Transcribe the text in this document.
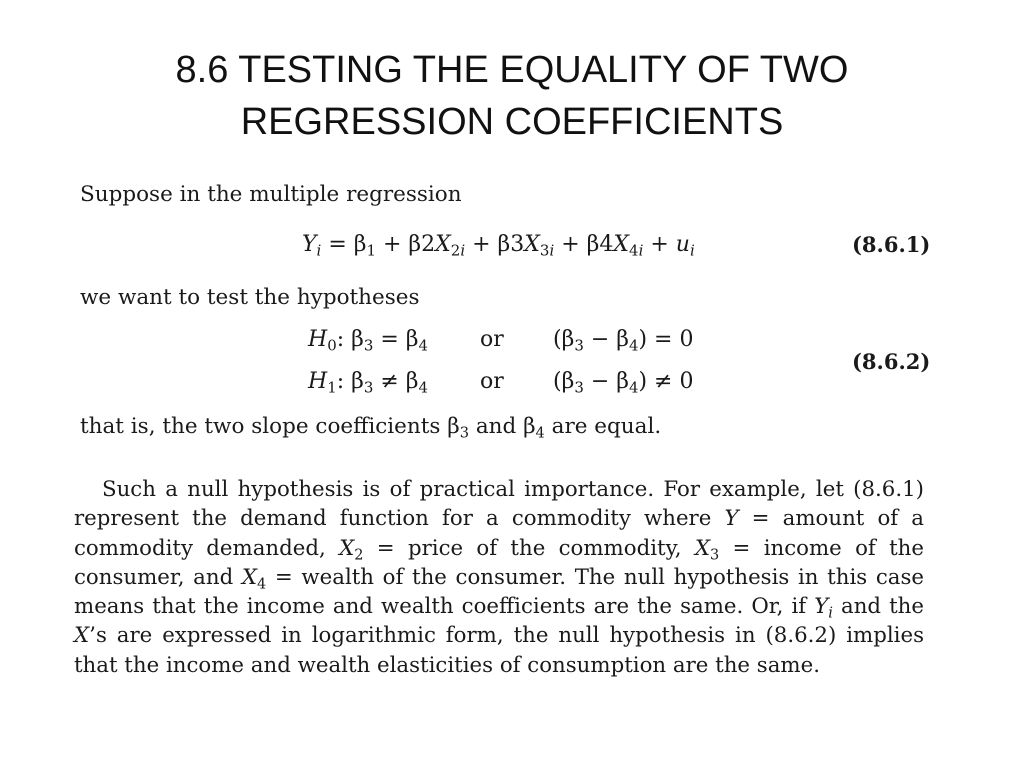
8.6 TESTING THE EQUALITY OF TWO
REGRESSION COEFFICIENTS
Suppose in the multiple regression
$Y_i = \beta_1 + \beta 2X_{2i} + \beta 3X_{3i} + \beta 4X_{4i} + u_i$	(8.6.1)
we want to test the hypotheses
$H_0$: $\beta_3 = \beta_4$ or $(\beta_3 - \beta_4) = 0$
(8.6.2)
$H_1$: $\beta_3 \ne \beta_4$ or $(\beta_3 - \beta_4) \ne 0$
that is, the two slope coefficients $\beta_3$ and $\beta_4$ are equal.
Such a null hypothesis is of practical importance. For example, let (8.6.1)
represent the demand function for a commodity where Y = amount of a
commodity demanded, $X_2$ = price of the commodity, $X_3$ = income of the
consumer, and $X_4$ = wealth of the consumer. The null hypothesis in this case
means that the income and wealth coefficients are the same. Or, if $Y_i$ and the
X’s are expressed in logarithmic form, the null hypothesis in (8.6.2) implies
that the income and wealth elasticities of consumption are the same.
